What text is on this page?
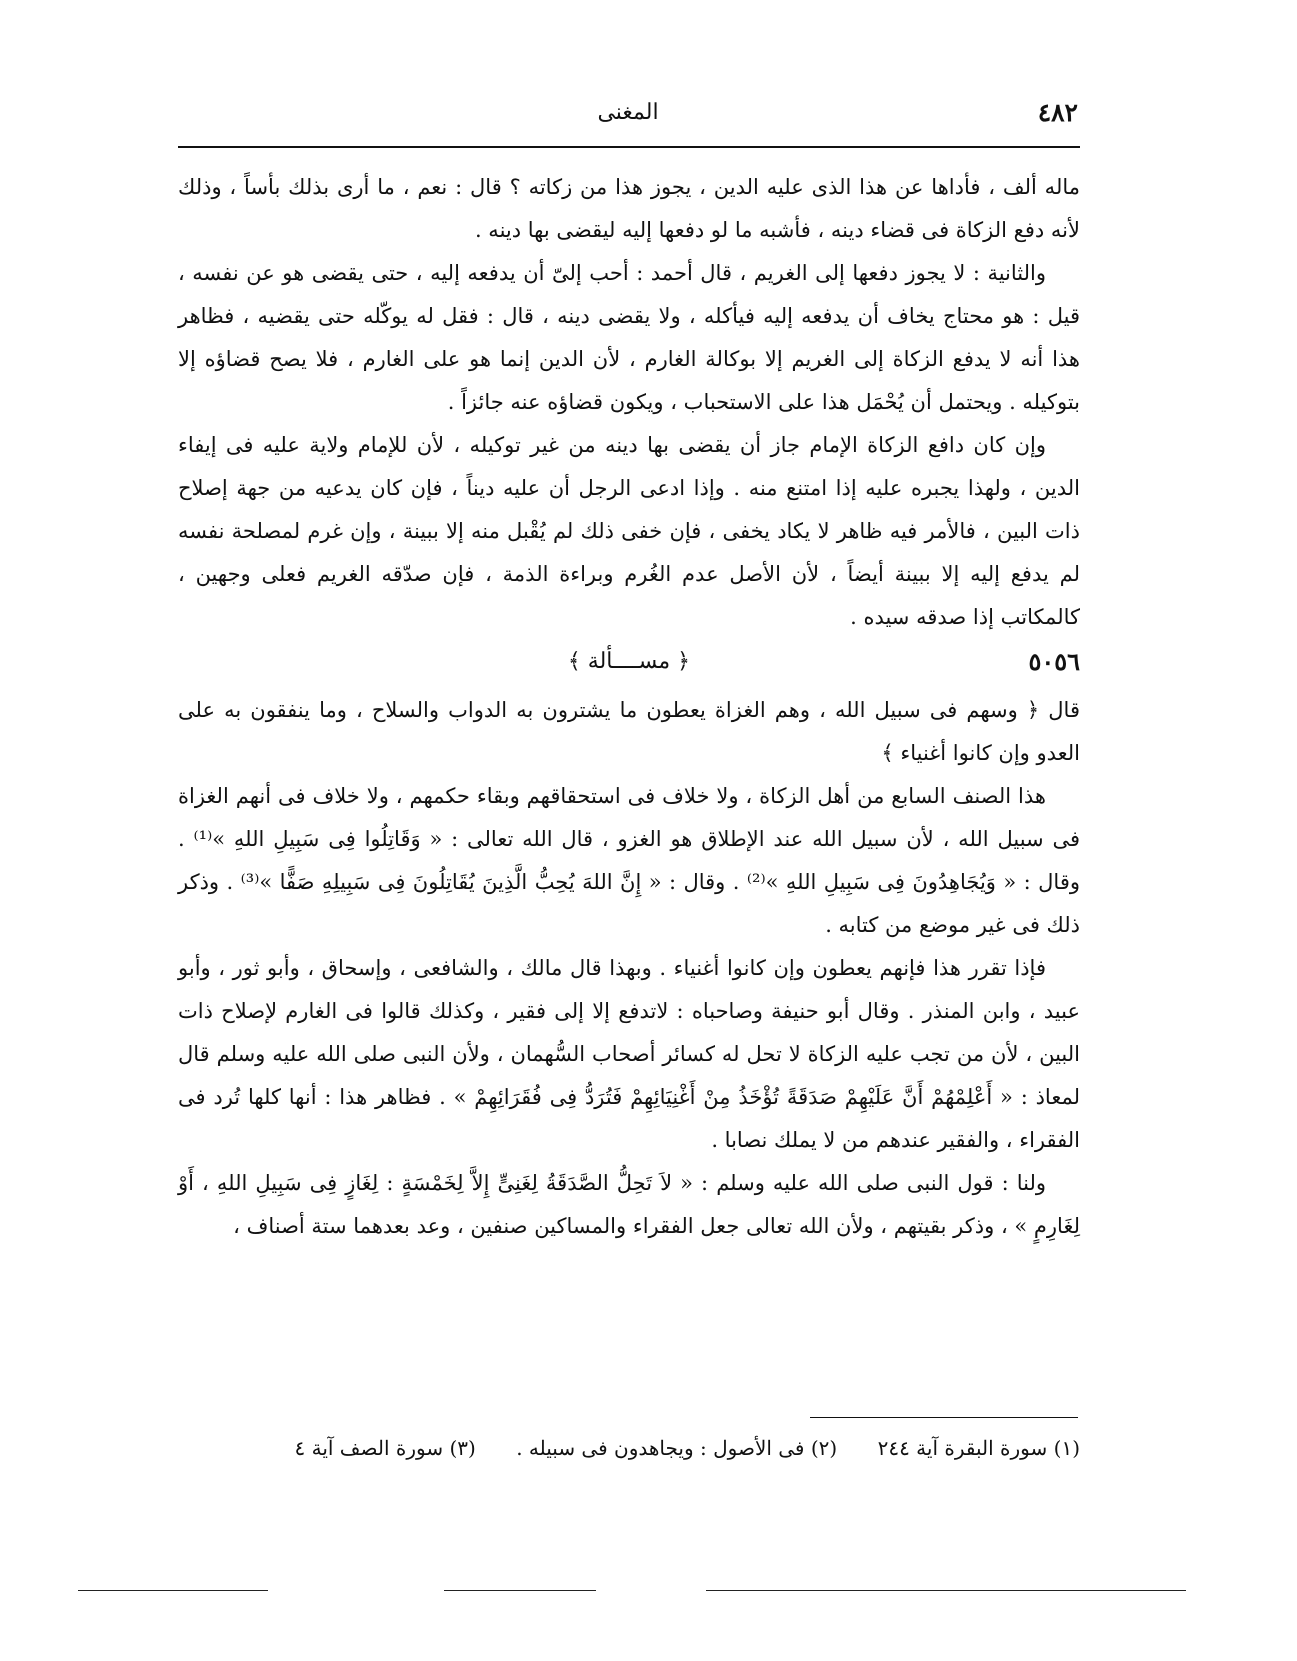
٤٨٢
المغنى

ماله ألف ، فأداها عن هذا الذى عليه الدين ، يجوز هذا من زكاته ؟ قال : نعم ، ما أرى بذلك بأساً ، وذلك لأنه دفع الزكاة فى قضاء دينه ، فأشبه ما لو دفعها إليه ليقضى بها دينه .

والثانية : لا يجوز دفعها إلى الغريم ، قال أحمد : أحب إلىّ أن يدفعه إليه ، حتى يقضى هو عن نفسه ، قيل : هو محتاج يخاف أن يدفعه إليه فيأكله ، ولا يقضى دينه ، قال : فقل له يوكّله حتى يقضيه ، فظاهر هذا أنه لا يدفع الزكاة إلى الغريم إلا بوكالة الغارم ، لأن الدين إنما هو على الغارم ، فلا يصح قضاؤه إلا بتوكيله . ويحتمل أن يُحْمَل هذا على الاستحباب ، ويكون قضاؤه عنه جائزاً .

وإن كان دافع الزكاة الإمام جاز أن يقضى بها دينه من غير توكيله ، لأن للإمام ولاية عليه فى إيفاء الدين ، ولهذا يجبره عليه إذا امتنع منه . وإذا ادعى الرجل أن عليه ديناً ، فإن كان يدعيه من جهة إصلاح ذات البين ، فالأمر فيه ظاهر لا يكاد يخفى ، فإن خفى ذلك لم يُقْبل منه إلا ببينة ، وإن غرم لمصلحة نفسه لم يدفع إليه إلا ببينة أيضاً ، لأن الأصل عدم الغُرم وبراءة الذمة ، فإن صدّقه الغريم فعلى وجهين ، كالمكاتب إذا صدقه سيده .

٥٠٥٦
﴿ مســــألة ﴾

قال ﴿ وسهم فى سبيل الله ، وهم الغزاة يعطون ما يشترون به الدواب والسلاح ، وما ينفقون به على العدو وإن كانوا أغنياء ﴾

هذا الصنف السابع من أهل الزكاة ، ولا خلاف فى استحقاقهم وبقاء حكمهم ، ولا خلاف فى أنهم الغزاة فى سبيل الله ، لأن سبيل الله عند الإطلاق هو الغزو ، قال الله تعالى : « وَقَاتِلُوا فِى سَبِيلِ اللهِ »⁽¹⁾ . وقال : « وَيُجَاهِدُونَ فِى سَبِيلِ اللهِ »⁽²⁾ . وقال : « إِنَّ اللهَ يُحِبُّ الَّذِينَ يُقَاتِلُونَ فِى سَبِيلِهِ صَفًّا »⁽³⁾ . وذكر ذلك فى غير موضع من كتابه .

فإذا تقرر هذا فإنهم يعطون وإن كانوا أغنياء . وبهذا قال مالك ، والشافعى ، وإسحاق ، وأبو ثور ، وأبو عبيد ، وابن المنذر . وقال أبو حنيفة وصاحباه : لاتدفع إلا إلى فقير ، وكذلك قالوا فى الغارم لإصلاح ذات البين ، لأن من تجب عليه الزكاة لا تحل له كسائر أصحاب السُّهمان ، ولأن النبى صلى الله عليه وسلم قال لمعاذ : « أَعْلِمْهُمْ أَنَّ عَلَيْهِمْ صَدَقَةً تُؤْخَذُ مِنْ أَغْنِيَائِهِمْ فَتُرَدُّ فِى فُقَرَائِهِمْ » . فظاهر هذا : أنها كلها تُرد فى الفقراء ، والفقير عندهم من لا يملك نصابا .

ولنا : قول النبى صلى الله عليه وسلم : « لاَ تَحِلُّ الصَّدَقَةُ لِغَنِىٍّ إِلاَّ لِخَمْسَةٍ : لِغَازٍ فِى سَبِيلِ اللهِ ، أَوْ لِغَارِمٍ » ، وذكر بقيتهم ، ولأن الله تعالى جعل الفقراء والمساكين صنفين ، وعد بعدهما ستة أصناف ،

(١) سورة البقرة آية ٢٤٤ (٢) فى الأصول : ويجاهدون فى سبيله . (٣) سورة الصف آية ٤
